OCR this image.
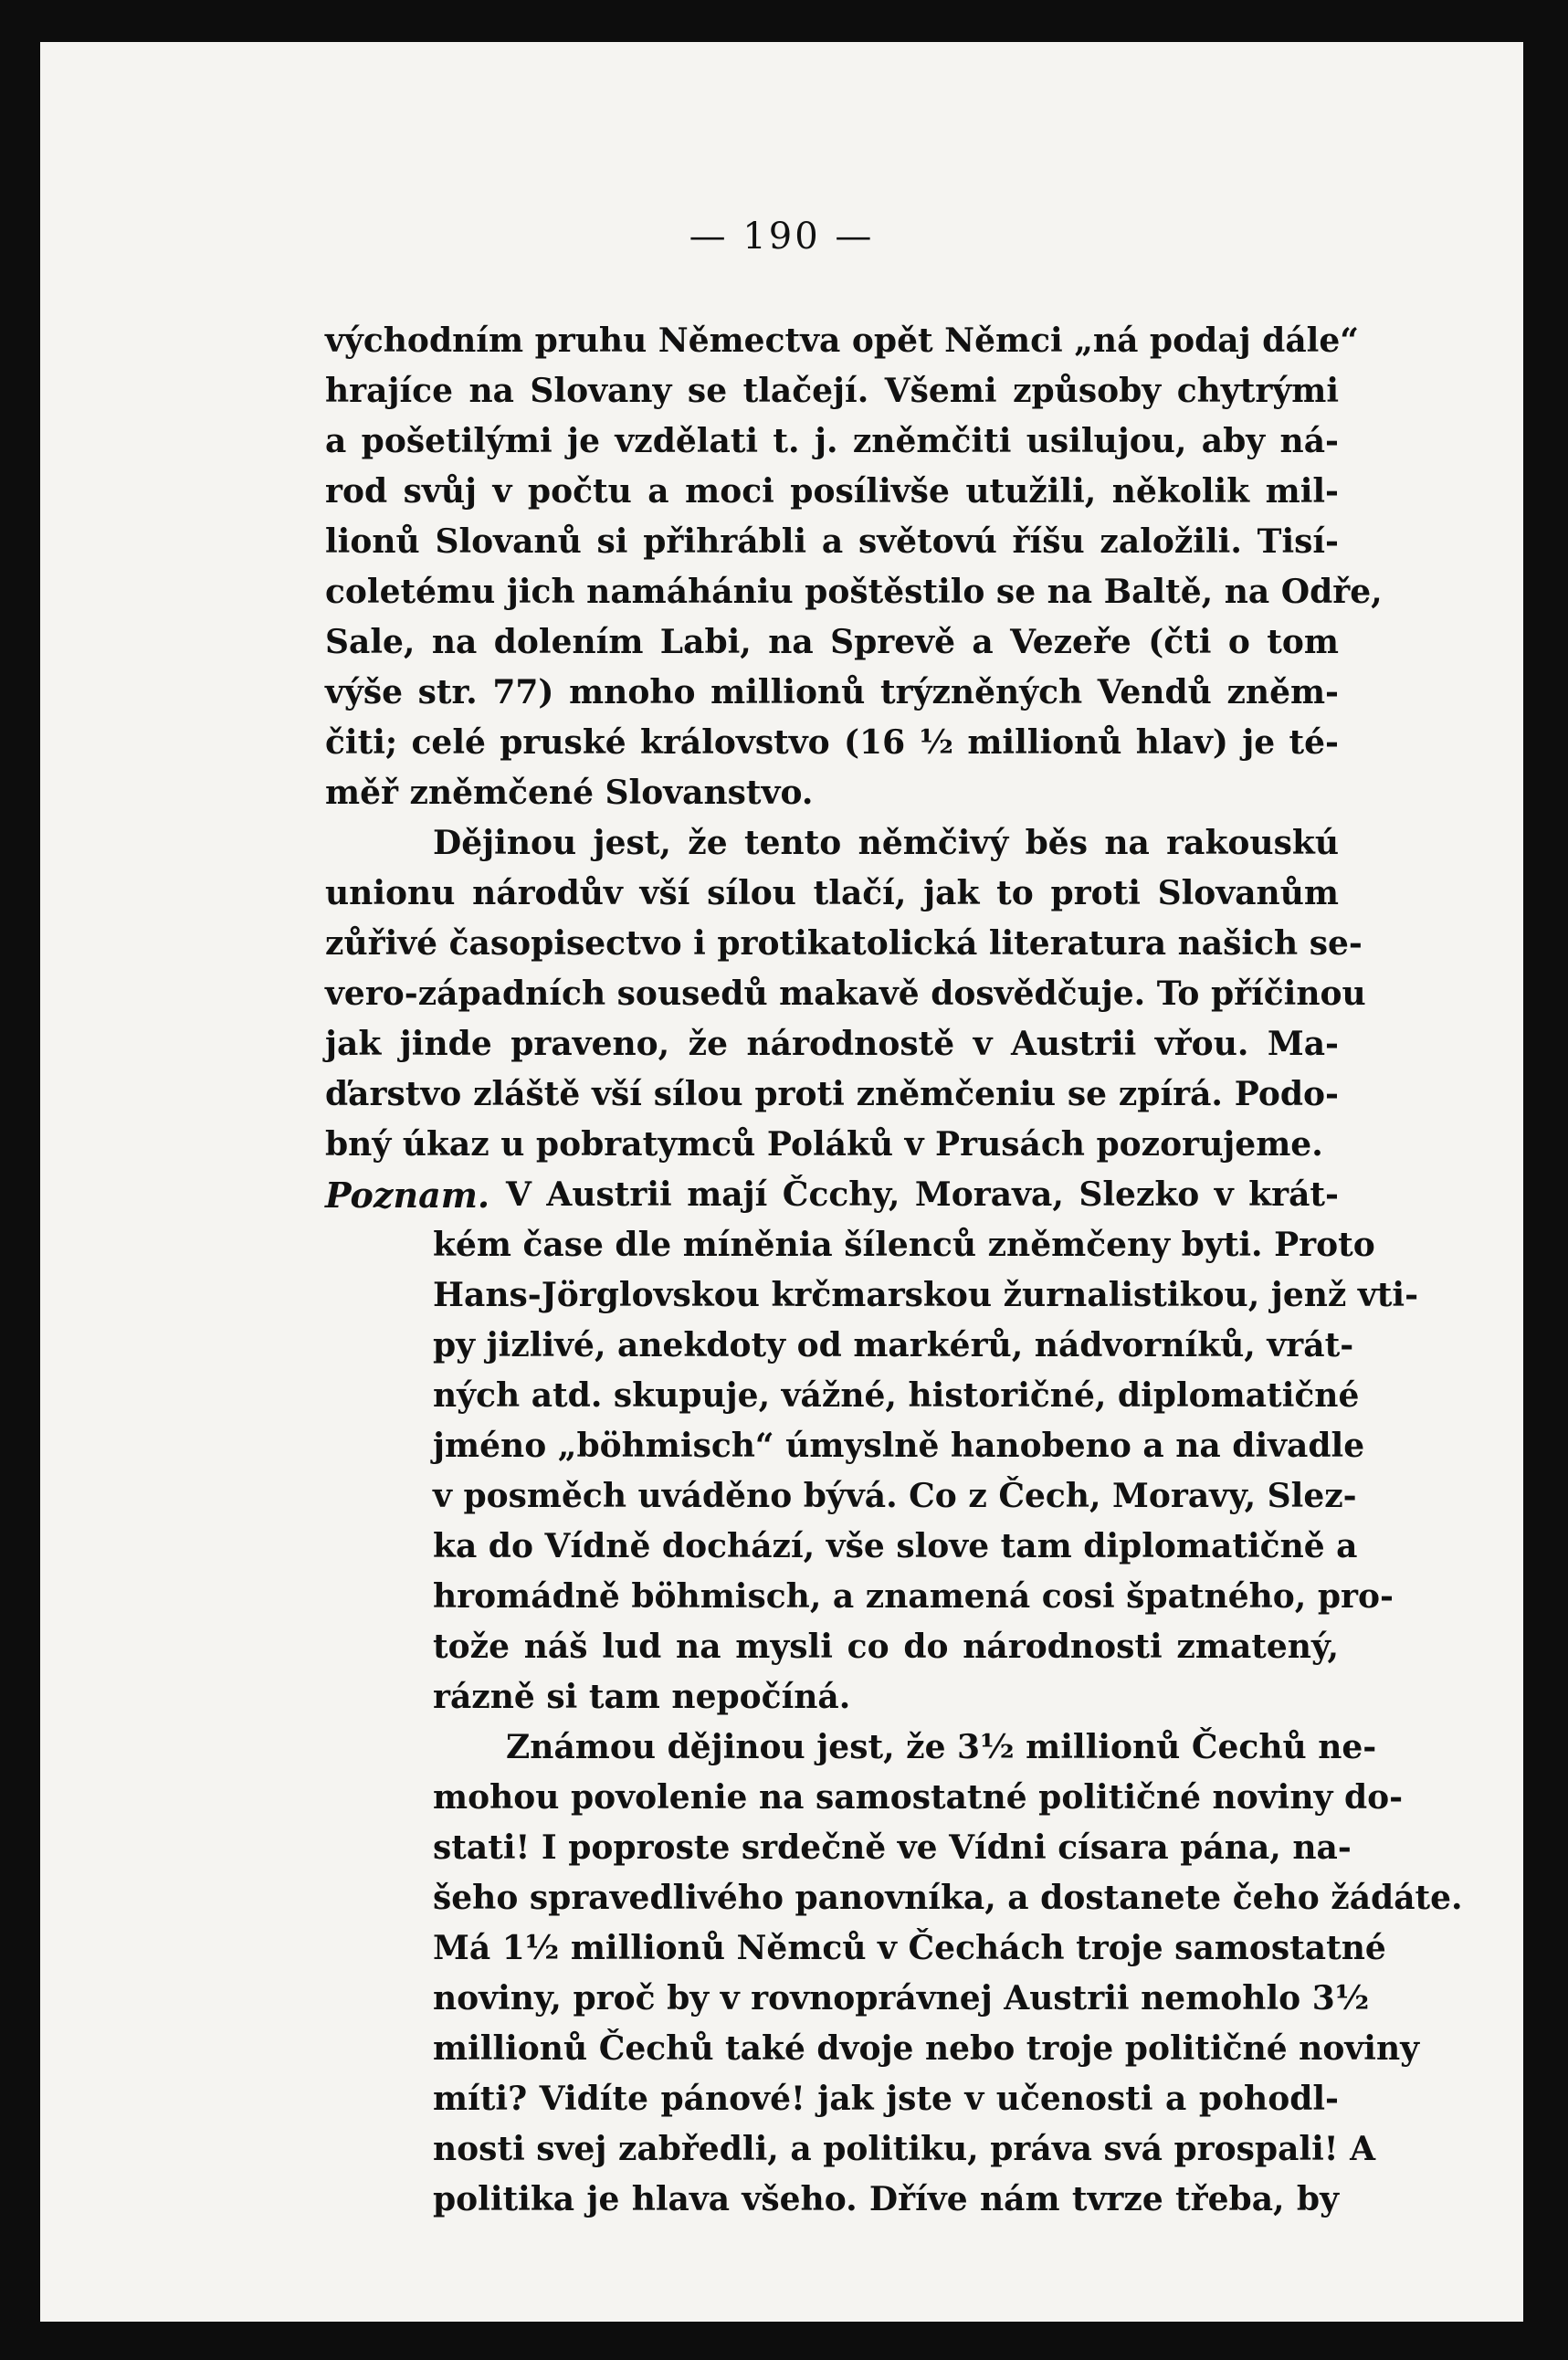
— 190 —
východním pruhu Němectva opět Němci „ná podaj dále“
hrajíce na Slovany se tlačejí. Všemi způsoby chytrými
a pošetilými je vzdělati t. j. zněmčiti usilujou, aby ná-
rod svůj v počtu a moci posílivše utužili, několik mil-
lionů Slovanů si přihrábli a světovú říšu založili. Tisí-
coletému jich namáhániu poštěstilo se na Baltě, na Odře,
Sale, na dolením Labi, na Sprevě a Vezeře (čti o tom
výše str. 77) mnoho millionů trýzněných Vendů zněm-
čiti; celé pruské královstvo (16 ½ millionů hlav) je té-
měř zněmčené Slovanstvo.
Dějinou jest, že tento němčivý běs na rakouskú
unionu národův vší sílou tlačí, jak to proti Slovanům
zůřivé časopisectvo i protikatolická literatura našich se-
vero-západních sousedů makavě dosvědčuje. To příčinou
jak jinde praveno, že národnostě v Austrii vřou. Ma-
ďarstvo zláště vší sílou proti zněmčeniu se zpírá. Podo-
bný úkaz u pobratymců Poláků v Prusách pozorujeme.
Poznam. V Austrii mají Čcchy, Morava, Slezko v krát-
kém čase dle míněnia šílenců zněmčeny byti. Proto
Hans-Jörglovskou krčmarskou žurnalistikou, jenž vti-
py jizlivé, anekdoty od markérů, nádvorníků, vrát-
ných atd. skupuje, vážné, historičné, diplomatičné
jméno „böhmisch“ úmyslně hanobeno a na divadle
v posměch uváděno bývá. Co z Čech, Moravy, Slez-
ka do Vídně dochází, vše slove tam diplomatičně a
hromádně böhmisch, a znamená cosi špatného, pro-
tože náš lud na mysli co do národnosti zmatený,
rázně si tam nepočíná.
Známou dějinou jest, že 3½ millionů Čechů ne-
mohou povolenie na samostatné političné noviny do-
stati! I poproste srdečně ve Vídni císara pána, na-
šeho spravedlivého panovníka, a dostanete čeho žádáte.
Má 1½ millionů Němců v Čechách troje samostatné
noviny, proč by v rovnoprávnej Austrii nemohlo 3½
millionů Čechů také dvoje nebo troje političné noviny
míti? Vidíte pánové! jak jste v učenosti a pohodl-
nosti svej zabředli, a politiku, práva svá prospali! A
politika je hlava všeho. Dříve nám tvrze třeba, by
